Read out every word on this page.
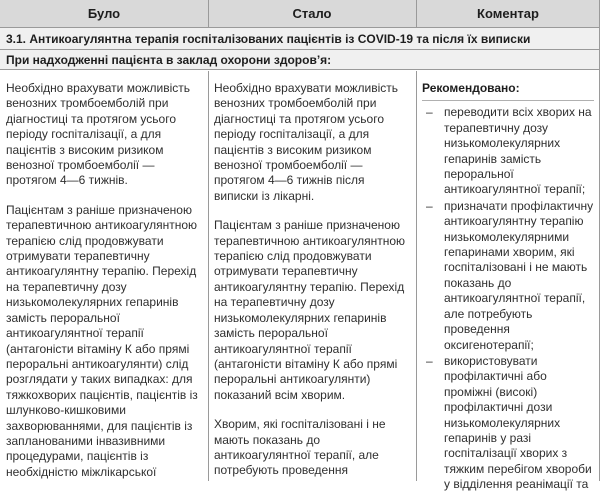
Було	Стало	Коментар
3.1. Антикоагулянтна терапія госпіталізованих пацієнтів із COVID-19 та після їх виписки
При надходженні пацієнта в заклад охорони здоров’я:

Необхідно врахувати можливість венозних тромбоемболій при діагностиці та протягом усього періоду госпіталізації, а для пацієнтів з високим ризиком венозної тромбоемболії — протягом 4—6 тижнів.

Пацієнтам з раніше призначеною терапевтичною антикоагулянтною терапією слід продовжувати отримувати терапевтичну антикоагулянтну терапію. Перехід на терапевтичну дозу низькомолекулярних гепаринів замість пероральної антикоагулянтної терапії (антагоністи вітаміну К або прямі пероральні антикоагулянти) слід розглядати у таких випадках: для тяжкохворих пацієнтів, пацієнтів із шлунково-кишковими захворюваннями, для пацієнтів із запланованими інвазивними процедурами, пацієнтів із необхідністю міжлікарської

Необхідно врахувати можливість венозних тромбоемболій при діагностиці та протягом усього періоду госпіталізації, а для пацієнтів з високим ризиком венозної тромбоемболії — протягом 4—6 тижнів після виписки із лікарні.

Пацієнтам з раніше призначеною терапевтичною антикоагулянтною терапією слід продовжувати отримувати терапевтичну антикоагулянтну терапію. Перехід на терапевтичну дозу низькомолекулярних гепаринів замість пероральної антикоагулянтної терапії (антагоністи вітаміну К або прямі пероральні антикоагулянти) показаний всім хворим.

Хворим, які госпіталізовані і не мають показань до антикоагулянтної терапії, але потребують проведення

Рекомендовано:
– переводити всіх хворих на терапевтичну дозу низькомолекулярних гепаринів замість пероральної антикоагулянтної терапії;
– призначати профілактичну антикоагулянтну терапію низькомолекулярними гепаринами хворим, які госпіталізовані і не мають показань до антикоагулянтної терапії, але потребують проведення оксигенотерапії;
– використовувати профілактичні або проміжні (високі) профілактичні дози низькомолекулярних гепаринів у разі госпіталізації хворих з тяжким перебігом хвороби у відділення реанімації та
